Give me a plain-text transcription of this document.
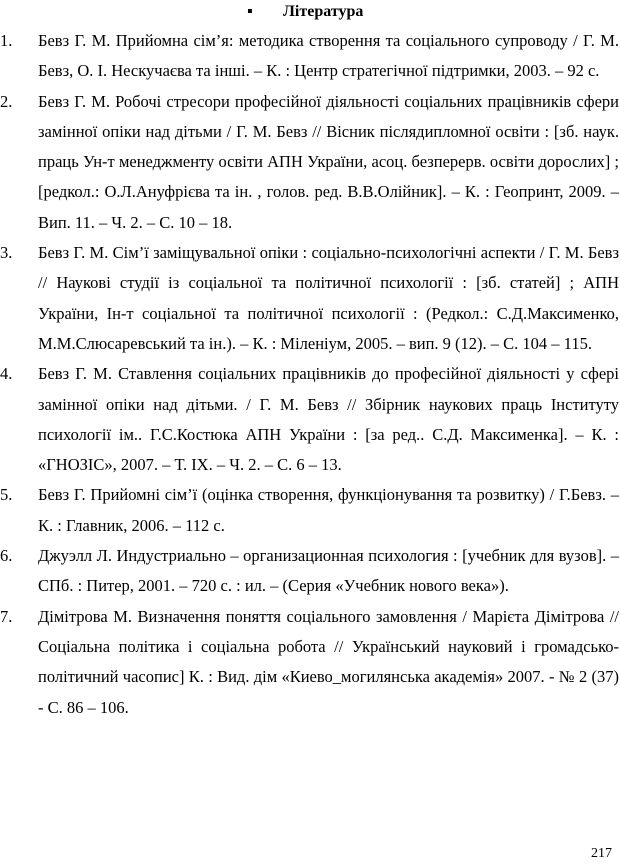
▪ Література
1.	Бевз Г. М. Прийомна сім’я: методика створення та соціального супроводу / Г. М. Бевз, О. І. Нескучаєва та інші. – К. : Центр стратегічної підтримки, 2003. – 92 с.
2.	Бевз Г. М. Робочі стресори професійної діяльності соціальних працівників сфери замінної опіки над дітьми / Г. М. Бевз // Вісник післядипломної освіти : [зб. наук. праць Ун-т менеджменту освіти АПН України, асоц. безперерв. освіти дорослих] ; [редкол.: О.Л.Ануфрієва та ін. , голов. ред. В.В.Олійник]. – К. : Геопринт, 2009. – Вип. 11. – Ч. 2. – С. 10 – 18.
3.	Бевз Г. М. Сім’ї заміщувальної опіки : соціально-психологічні аспекти / Г. М. Бевз // Наукові студії із соціальної та політичної психології : [зб. статей] ; АПН України, Ін-т соціальної та політичної психології : (Редкол.: С.Д.Максименко, М.М.Слюсаревський та ін.). – К. : Міленіум, 2005. – вип. 9 (12). – С. 104 – 115.
4.	Бевз Г. М. Ставлення соціальних працівників до професійної діяльності у сфері замінної опіки над дітьми. / Г. М. Бевз // Збірник наукових праць Інституту психології ім.. Г.С.Костюка АПН України : [за ред.. С.Д. Максименка]. – К. : «ГНОЗІС», 2007. – Т. ІХ. – Ч. 2. – С. 6 – 13.
5.	Бевз Г. Прийомні сім’ї (оцінка створення, функціонування та розвитку) / Г.Бевз. – К. : Главник, 2006. – 112 с.
6.	Джуэлл Л. Индустриально – организационная психология : [учебник для вузов]. – СПб. : Питер, 2001. – 720 с. : ил. – (Серия «Учебник нового века»).
7.	Дімітрова М. Визначення поняття соціального замовлення / Марієта Дімітрова // Соціальна політика і соціальна робота // Український науковий і громадсько-політичний часопис] К. : Вид. дім «Киево_могилянська академія» 2007. - № 2 (37) - С. 86 – 106.
217
